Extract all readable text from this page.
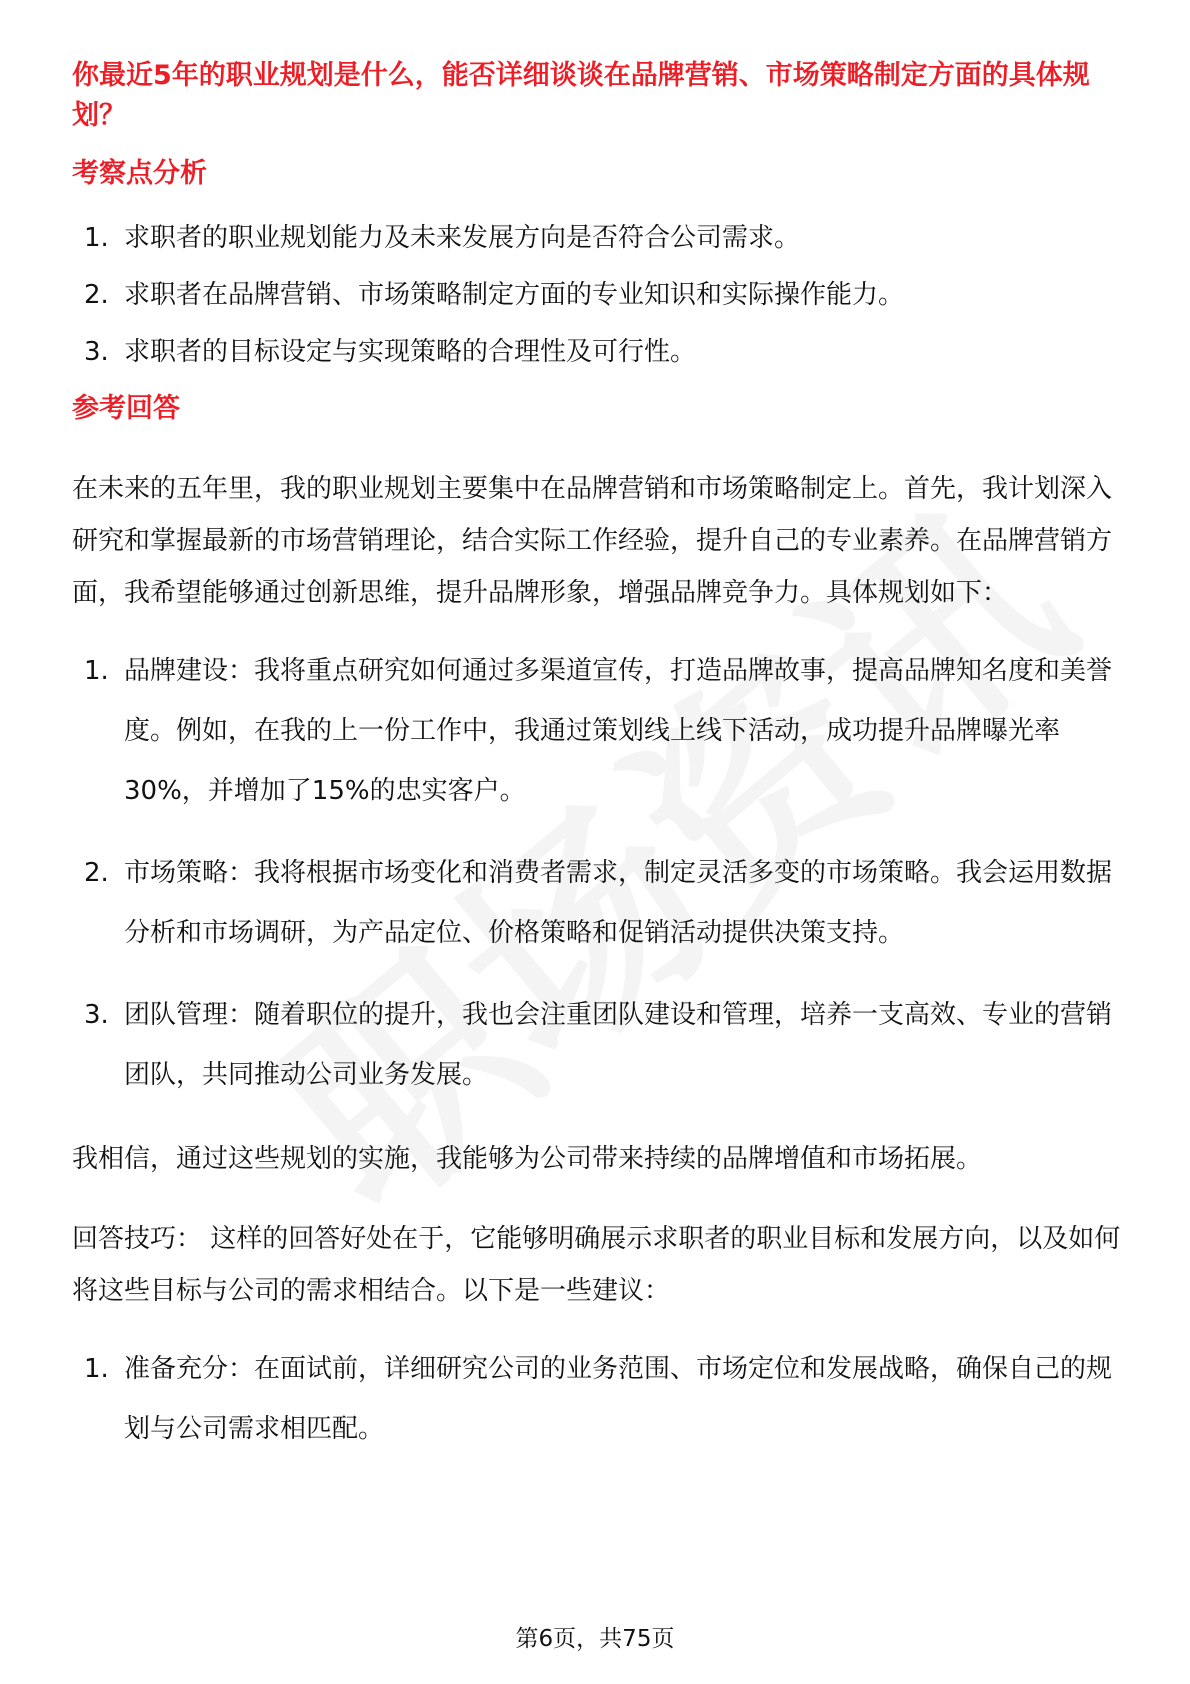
你最近5年的职业规划是什么，能否详细谈谈在品牌营销、市场策略制定方面的具体规划？
考察点分析
1. 求职者的职业规划能力及未来发展方向是否符合公司需求。
2. 求职者在品牌营销、市场策略制定方面的专业知识和实际操作能力。
3. 求职者的目标设定与实现策略的合理性及可行性。
参考回答

在未来的五年里，我的职业规划主要集中在品牌营销和市场策略制定上。首先，我计划深入研究和掌握最新的市场营销理论，结合实际工作经验，提升自己的专业素养。在品牌营销方面，我希望能够通过创新思维，提升品牌形象，增强品牌竞争力。具体规划如下：

1. 品牌建设：我将重点研究如何通过多渠道宣传，打造品牌故事，提高品牌知名度和美誉度。例如，在我的上一份工作中，我通过策划线上线下活动，成功提升品牌曝光率30%，并增加了15%的忠实客户。
2. 市场策略：我将根据市场变化和消费者需求，制定灵活多变的市场策略。我会运用数据分析和市场调研，为产品定位、价格策略和促销活动提供决策支持。
3. 团队管理：随着职位的提升，我也会注重团队建设和管理，培养一支高效、专业的营销团队，共同推动公司业务发展。

我相信，通过这些规划的实施，我能够为公司带来持续的品牌增值和市场拓展。

回答技巧： 这样的回答好处在于，它能够明确展示求职者的职业目标和发展方向，以及如何将这些目标与公司的需求相结合。以下是一些建议：

1. 准备充分：在面试前，详细研究公司的业务范围、市场定位和发展战略，确保自己的规划与公司需求相匹配。
第6页，共75页
